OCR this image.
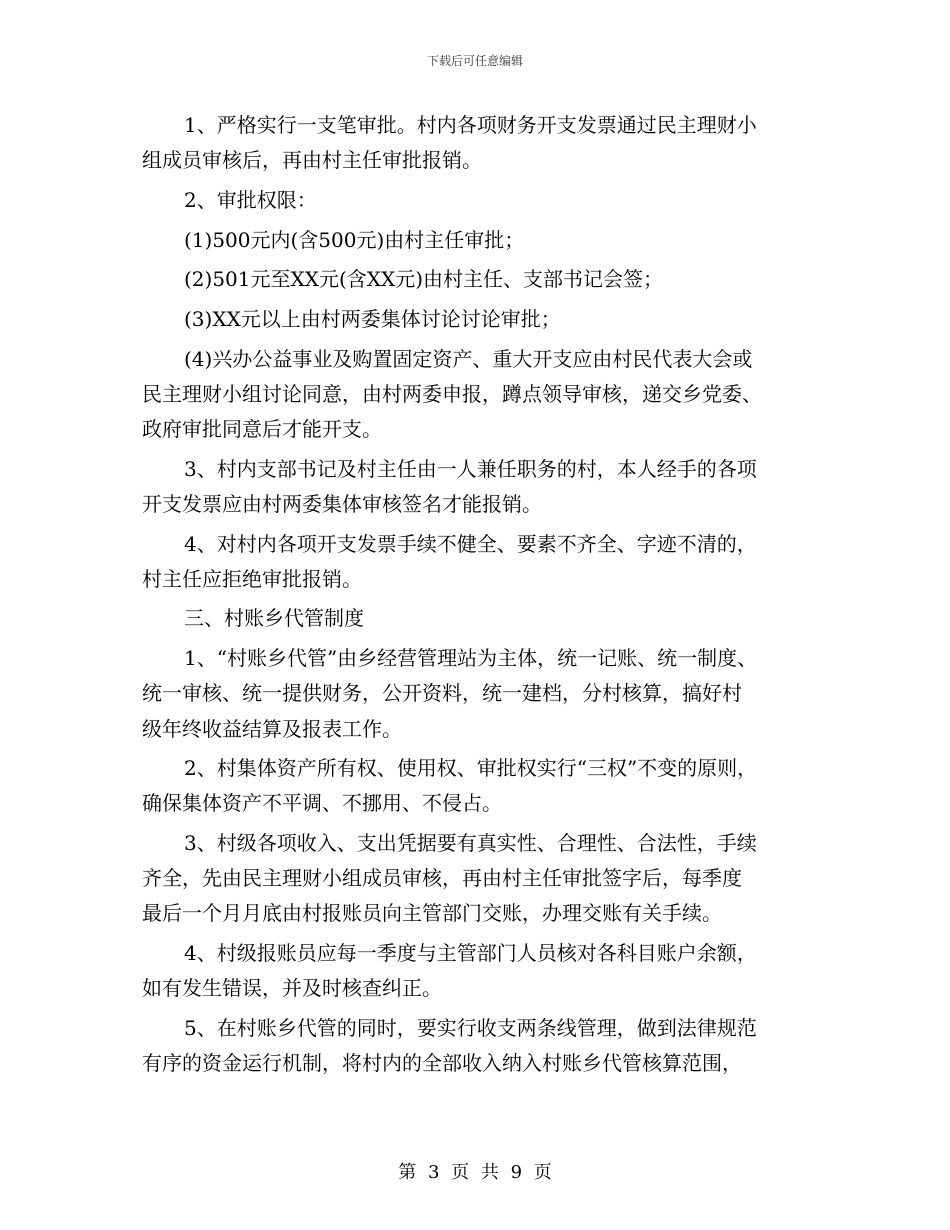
下载后可任意编辑
1、严格实行一支笔审批。村内各项财务开支发票通过民主理财小
组成员审核后，再由村主任审批报销。
2、审批权限：
(1)500元内(含500元)由村主任审批；
(2)501元至XX元(含XX元)由村主任、支部书记会签；
(3)XX元以上由村两委集体讨论讨论审批；
(4)兴办公益事业及购置固定资产、重大开支应由村民代表大会或
民主理财小组讨论同意，由村两委申报，蹲点领导审核，递交乡党委、
政府审批同意后才能开支。
3、村内支部书记及村主任由一人兼任职务的村，本人经手的各项
开支发票应由村两委集体审核签名才能报销。
4、对村内各项开支发票手续不健全、要素不齐全、字迹不清的，
村主任应拒绝审批报销。
三、村账乡代管制度
1、“村账乡代管”由乡经营管理站为主体，统一记账、统一制度、
统一审核、统一提供财务，公开资料，统一建档，分村核算，搞好村
级年终收益结算及报表工作。
2、村集体资产所有权、使用权、审批权实行“三权”不变的原则，
确保集体资产不平调、不挪用、不侵占。
3、村级各项收入、支出凭据要有真实性、合理性、合法性，手续
齐全，先由民主理财小组成员审核，再由村主任审批签字后，每季度
最后一个月月底由村报账员向主管部门交账，办理交账有关手续。
4、村级报账员应每一季度与主管部门人员核对各科目账户余额，
如有发生错误，并及时核查纠正。
5、在村账乡代管的同时，要实行收支两条线管理，做到法律规范
有序的资金运行机制，将村内的全部收入纳入村账乡代管核算范围，
第 3 页 共 9 页
